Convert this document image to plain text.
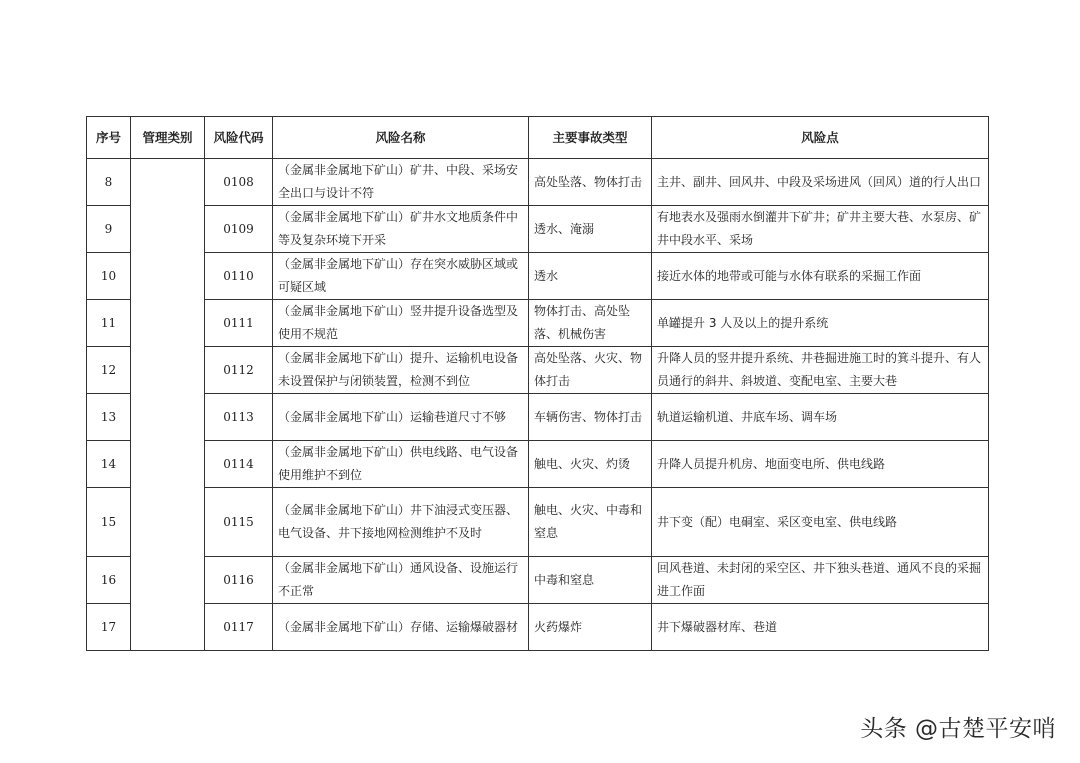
序号	管理类别	风险代码	风险名称	主要事故类型	风险点
8		0108	（金属非金属地下矿山）矿井、中段、采场安全出口与设计不符	高处坠落、物体打击	主井、副井、回风井、中段及采场进风（回风）道的行人出口
9		0109	（金属非金属地下矿山）矿井水文地质条件中等及复杂环境下开采	透水、淹溺	有地表水及强雨水倒灌井下矿井；矿井主要大巷、水泵房、矿井中段水平、采场
10		0110	（金属非金属地下矿山）存在突水威胁区域或可疑区域	透水	接近水体的地带或可能与水体有联系的采掘工作面
11		0111	（金属非金属地下矿山）竖井提升设备选型及使用不规范	物体打击、高处坠落、机械伤害	单罐提升 3 人及以上的提升系统
12		0112	（金属非金属地下矿山）提升、运输机电设备未设置保护与闭锁装置，检测不到位	高处坠落、火灾、物体打击	升降人员的竖井提升系统、井巷掘进施工时的箕斗提升、有人员通行的斜井、斜坡道、变配电室、主要大巷
13		0113	（金属非金属地下矿山）运输巷道尺寸不够	车辆伤害、物体打击	轨道运输机道、井底车场、调车场
14		0114	（金属非金属地下矿山）供电线路、电气设备使用维护不到位	触电、火灾、灼烫	升降人员提升机房、地面变电所、供电线路
15		0115	（金属非金属地下矿山）井下油浸式变压器、电气设备、井下接地网检测维护不及时	触电、火灾、中毒和窒息	井下变（配）电硐室、采区变电室、供电线路
16		0116	（金属非金属地下矿山）通风设备、设施运行不正常	中毒和窒息	回风巷道、未封闭的采空区、井下独头巷道、通风不良的采掘进工作面
17		0117	（金属非金属地下矿山）存储、运输爆破器材	火药爆炸	井下爆破器材库、巷道
头条 @古楚平安哨
